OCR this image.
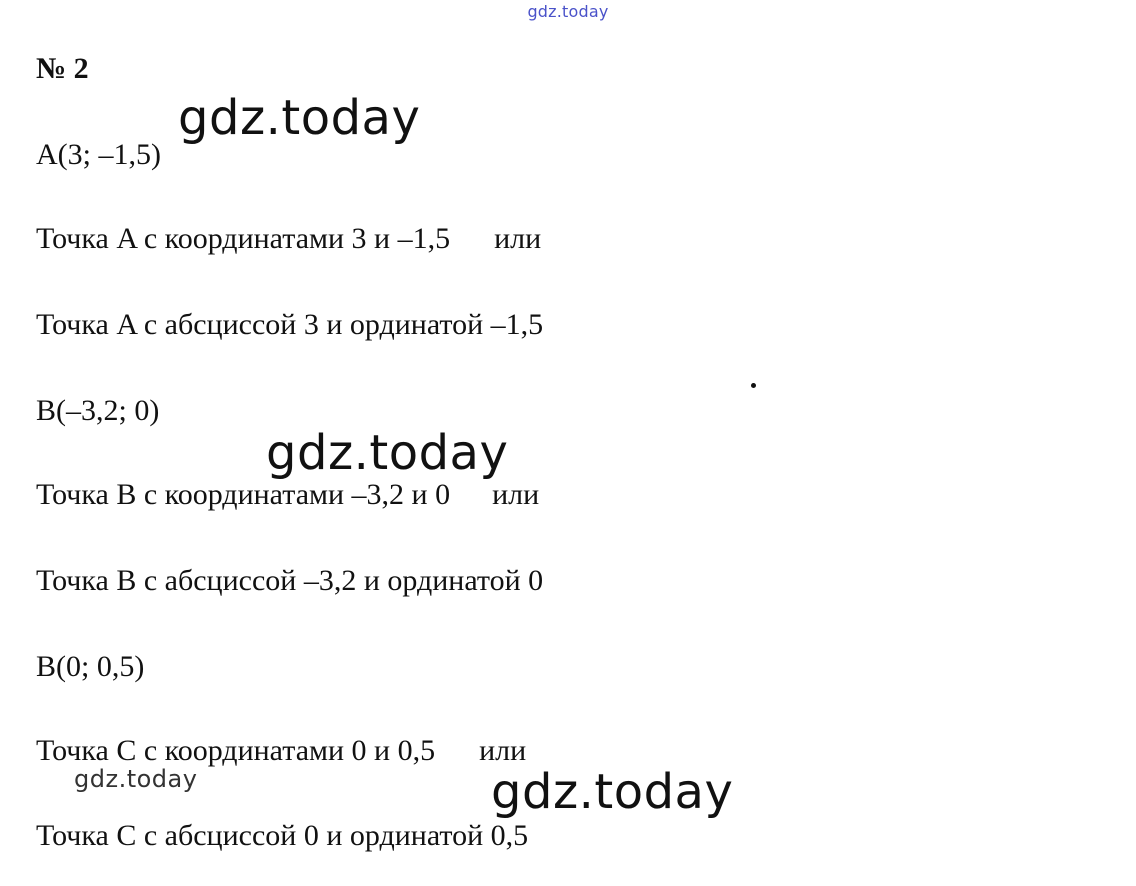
gdz.today
№ 2
A(3; –1,5)
Точка A с координатами 3 и –1,5 или
Точка A с абсциссой 3 и ординатой –1,5
B(–3,2; 0)
Точка B с координатами –3,2 и 0 или
Точка B с абсциссой –3,2 и ординатой 0
B(0; 0,5)
Точка C с координатами 0 и 0,5 или
Точка C с абсциссой 0 и ординатой 0,5
gdz.today
gdz.today
gdz.today
gdz.today
